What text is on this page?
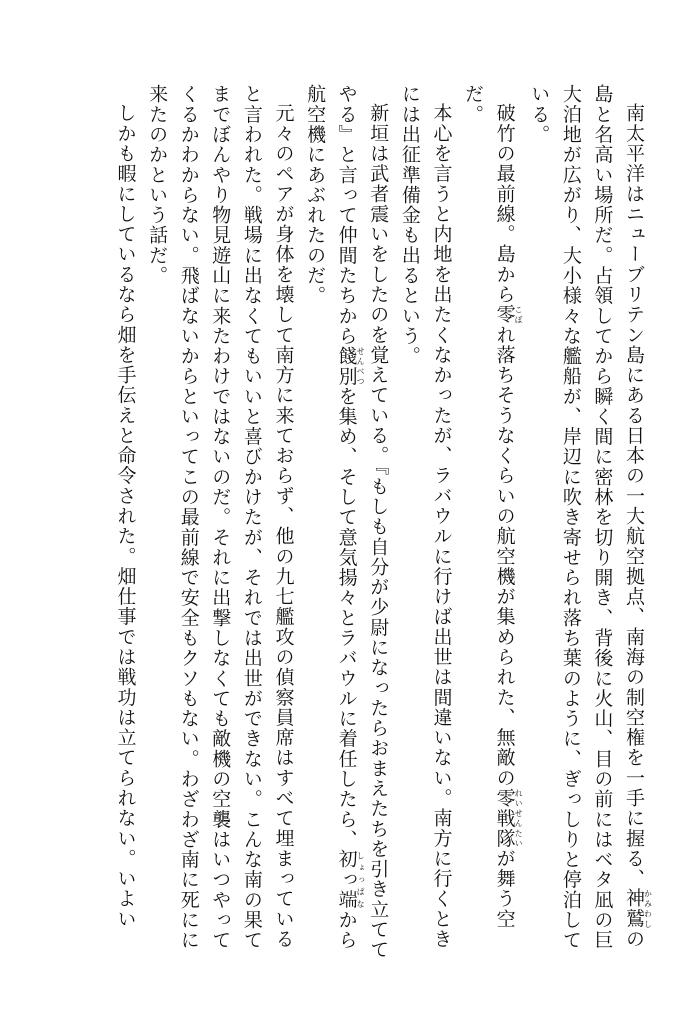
南太平洋はニューブリテン島にある日本の一大航空拠点、南海の制空権を一手に握る、神鷲かみわしの島と名高い場所だ。占領してから瞬く間に密林を切り開き、背後に火山、目の前にはベタ凪の巨大泊地が広がり、大小様々な艦船が、岸辺に吹き寄せられ落ち葉のように、ぎっしりと停泊している。

破竹の最前線。島から零こぼれ落ちそうなくらいの航空機が集められた、無敵の零戦隊れいせんたいが舞う空だ。

本心を言うと内地を出たくなかったが、ラバウルに行けば出世は間違いない。南方に行くときには出征準備金も出るという。

新垣は武者震いをしたのを覚えている。『もしも自分が少尉になったらおまえたちを引き立ててやる』と言って仲間たちから餞別せんべつを集め、そして意気揚々とラバウルに着任したら、初っ端しょっぱなから航空機にあぶれたのだ。

元々のペアが身体を壊して南方に来ておらず、他の九七艦攻の偵察員席はすべて埋まっていると言われた。戦場に出なくてもいいと喜びかけたが、それでは出世ができない。こんな南の果てまでぼんやり物見遊山に来たわけではないのだ。それに出撃しなくても敵機の空襲はいつやってくるかわからない。飛ばないからといってこの最前線で安全もクソもない。わざわざ南に死にに来たのかという話だ。

しかも暇にしているなら畑を手伝えと命令された。畑仕事では戦功は立てられない。いよい
